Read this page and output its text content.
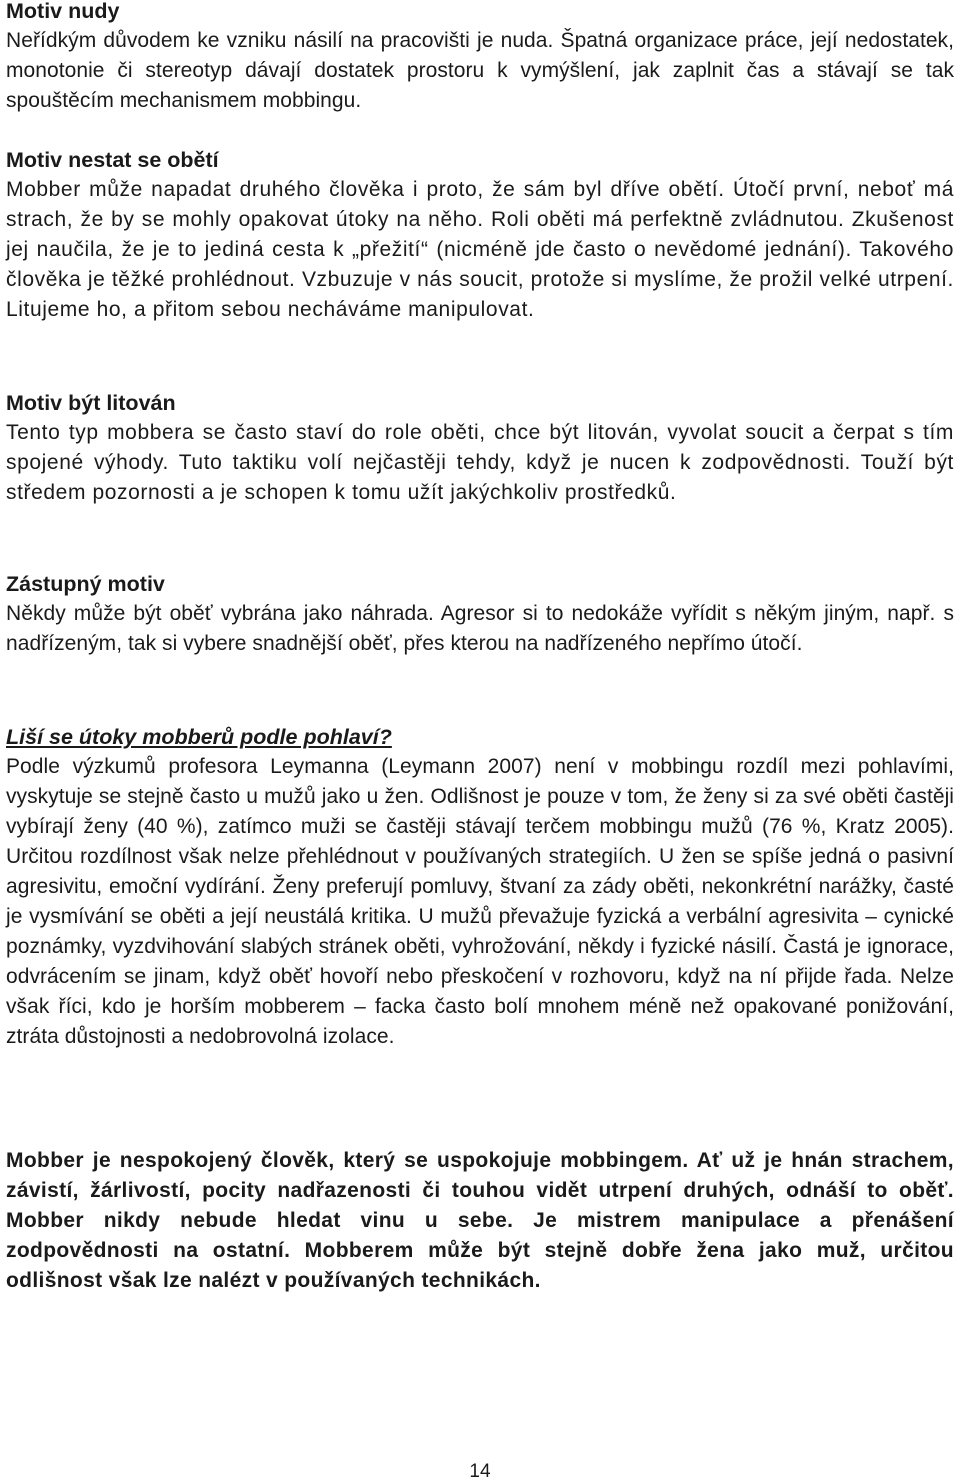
Motiv nudy

Neřídkým důvodem ke vzniku násilí na pracovišti je nuda. Špatná organizace práce, její nedostatek, monotonie či stereotyp dávají dostatek prostoru k vymýšlení, jak zaplnit čas a stávají se tak spouštěcím mechanismem mobbingu.

Motiv nestat se obětí

Mobber může napadat druhého člověka i proto, že sám byl dříve obětí. Útočí první, neboť má strach, že by se mohly opakovat útoky na něho. Roli oběti má perfektně zvládnutou. Zkušenost jej naučila, že je to jediná cesta k „přežití“ (nicméně jde často o nevědomé jednání). Takového člověka je těžké prohlédnout. Vzbuzuje v nás soucit, protože si myslíme, že prožil velké utrpení. Litujeme ho, a přitom sebou necháváme manipulovat.

Motiv být litován

Tento typ mobbera se často staví do role oběti, chce být litován, vyvolat soucit a čerpat s tím spojené výhody. Tuto taktiku volí nejčastěji tehdy, když je nucen k zodpovědnosti. Touží být středem pozornosti a je schopen k tomu užít jakýchkoliv prostředků.

Zástupný motiv

Někdy může být oběť vybrána jako náhrada. Agresor si to nedokáže vyřídit s někým jiným, např. s nadřízeným, tak si vybere snadnější oběť, přes kterou na nadřízeného nepřímo útočí.

Liší se útoky mobberů podle pohlaví?

Podle výzkumů profesora Leymanna (Leymann 2007) není v mobbingu rozdíl mezi pohlavími, vyskytuje se stejně často u mužů jako u žen. Odlišnost je pouze v tom, že ženy si za své oběti častěji vybírají ženy (40 %), zatímco muži se častěji stávají terčem mobbingu mužů (76 %, Kratz 2005). Určitou rozdílnost však nelze přehlédnout v používaných strategiích. U žen se spíše jedná o pasivní agresivitu, emoční vydírání. Ženy preferují pomluvy, štvaní za zády oběti, nekonkrétní narážky, časté je vysmívání se oběti a její neustálá kritika. U mužů převažuje fyzická a verbální agresivita – cynické poznámky, vyzdvihování slabých stránek oběti, vyhrožování, někdy i fyzické násilí. Častá je ignorace, odvrácením se jinam, když oběť hovoří nebo přeskočení v rozhovoru, když na ní přijde řada. Nelze však říci, kdo je horším mobberem – facka často bolí mnohem méně než opakované ponižování, ztráta důstojnosti a nedobrovolná izolace.

Mobber je nespokojený člověk, který se uspokojuje mobbingem. Ať už je hnán strachem, závistí, žárlivostí, pocity nadřazenosti či touhou vidět utrpení druhých, odnáší to oběť. Mobber nikdy nebude hledat vinu u sebe. Je mistrem manipulace a přenášení zodpovědnosti na ostatní. Mobberem může být stejně dobře žena jako muž, určitou odlišnost však lze nalézt v používaných technikách.

14
